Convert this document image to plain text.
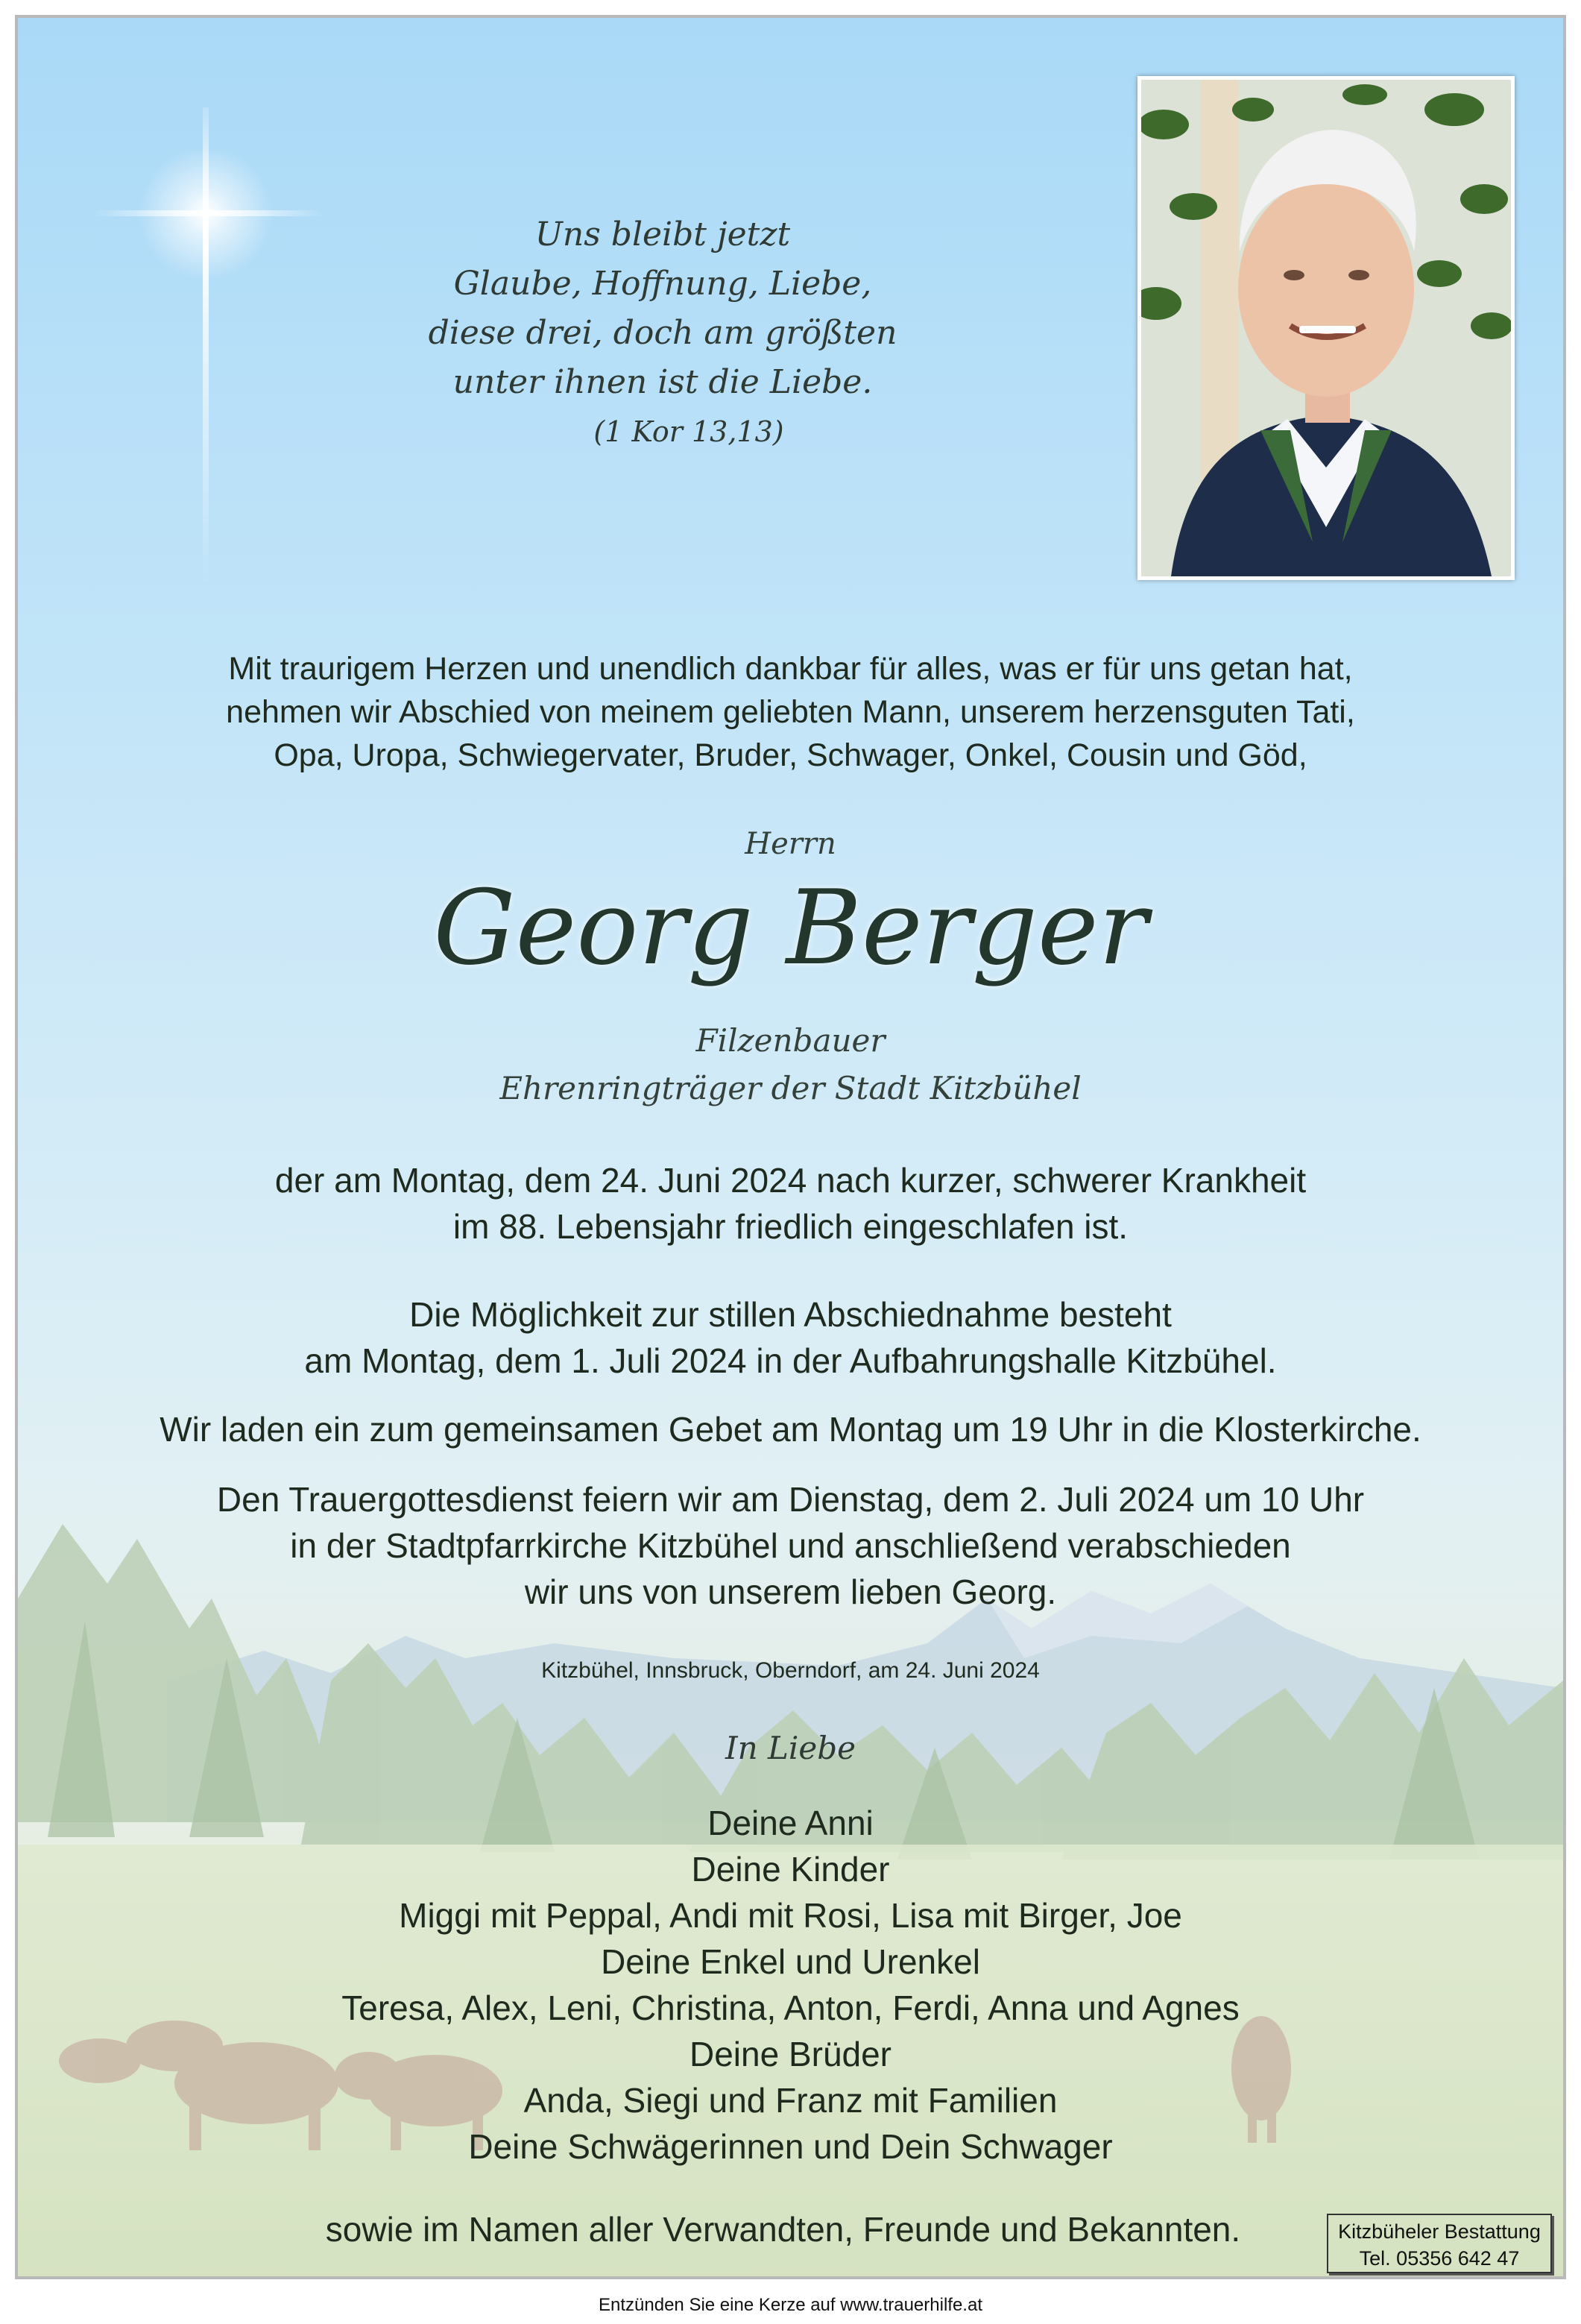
Uns bleibt jetzt
Glaube, Hoffnung, Liebe,
diese drei, doch am größten
unter ihnen ist die Liebe.
(1 Kor 13,13)
Mit traurigem Herzen und unendlich dankbar für alles, was er für uns getan hat,
nehmen wir Abschied von meinem geliebten Mann, unserem herzensguten Tati,
Opa, Uropa, Schwiegervater, Bruder, Schwager, Onkel, Cousin und Göd,
Herrn
Georg Berger
Filzenbauer
Ehrenringträger der Stadt Kitzbühel
der am Montag, dem 24. Juni 2024 nach kurzer, schwerer Krankheit
im 88. Lebensjahr friedlich eingeschlafen ist.
Die Möglichkeit zur stillen Abschiednahme besteht
am Montag, dem 1. Juli 2024 in der Aufbahrungshalle Kitzbühel.
Wir laden ein zum gemeinsamen Gebet am Montag um 19 Uhr in die Klosterkirche.
Den Trauergottesdienst feiern wir am Dienstag, dem 2. Juli 2024 um 10 Uhr
in der Stadtpfarrkirche Kitzbühel und anschließend verabschieden
wir uns von unserem lieben Georg.
Kitzbühel, Innsbruck, Oberndorf, am 24. Juni 2024
In Liebe
Deine Anni
Deine Kinder
Miggi mit Peppal, Andi mit Rosi, Lisa mit Birger, Joe
Deine Enkel und Urenkel
Teresa, Alex, Leni, Christina, Anton, Ferdi, Anna und Agnes
Deine Brüder
Anda, Siegi und Franz mit Familien
Deine Schwägerinnen und Dein Schwager
sowie im Namen aller Verwandten, Freunde und Bekannten.	Kitzbüheler Bestattung
Tel. 05356 642 47
Entzünden Sie eine Kerze auf www.trauerhilfe.at
